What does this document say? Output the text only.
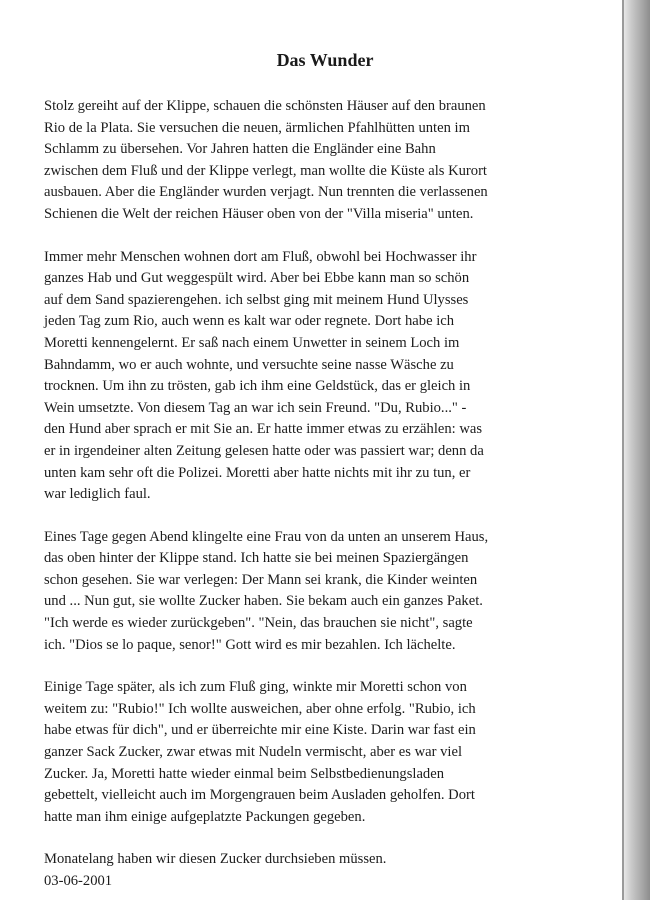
Das Wunder

Stolz gereiht auf der Klippe, schauen die schönsten Häuser auf den braunen
Rio de la Plata. Sie versuchen die neuen, ärmlichen Pfahlhütten unten im
Schlamm zu übersehen. Vor Jahren hatten die Engländer eine Bahn
zwischen dem Fluß und der Klippe verlegt, man wollte die Küste als Kurort
ausbauen. Aber die Engländer wurden verjagt. Nun trennten die verlassenen
Schienen die Welt der reichen Häuser oben von der "Villa miseria" unten.

Immer mehr Menschen wohnen dort am Fluß, obwohl bei Hochwasser ihr
ganzes Hab und Gut weggespült wird. Aber bei Ebbe kann man so schön
auf dem Sand spazierengehen. ich selbst ging mit meinem Hund Ulysses
jeden Tag zum Rio, auch wenn es kalt war oder regnete. Dort habe ich
Moretti kennengelernt. Er saß nach einem Unwetter in seinem Loch im
Bahndamm, wo er auch wohnte, und versuchte seine nasse Wäsche zu
trocknen. Um ihn zu trösten, gab ich ihm eine Geldstück, das er gleich in
Wein umsetzte. Von diesem Tag an war ich sein Freund. "Du, Rubio..." -
den Hund aber sprach er mit Sie an. Er hatte immer etwas zu erzählen: was
er in irgendeiner alten Zeitung gelesen hatte oder was passiert war; denn da
unten kam sehr oft die Polizei. Moretti aber hatte nichts mit ihr zu tun, er
war lediglich faul.

Eines Tage gegen Abend klingelte eine Frau von da unten an unserem Haus,
das oben hinter der Klippe stand. Ich hatte sie bei meinen Spaziergängen
schon gesehen. Sie war verlegen: Der Mann sei krank, die Kinder weinten
und ... Nun gut, sie wollte Zucker haben. Sie bekam auch ein ganzes Paket.
"Ich werde es wieder zurückgeben". "Nein, das brauchen sie nicht", sagte
ich. "Dios se lo paque, senor!" Gott wird es mir bezahlen. Ich lächelte.

Einige Tage später, als ich zum Fluß ging, winkte mir Moretti schon von
weitem zu: "Rubio!" Ich wollte ausweichen, aber ohne erfolg. "Rubio, ich
habe etwas für dich", und er überreichte mir eine Kiste. Darin war fast ein
ganzer Sack Zucker, zwar etwas mit Nudeln vermischt, aber es war viel
Zucker. Ja, Moretti hatte wieder einmal beim Selbstbedienungsladen
gebettelt, vielleicht auch im Morgengrauen beim Ausladen geholfen. Dort
hatte man ihm einige aufgeplatzte Packungen gegeben.

Monatelang haben wir diesen Zucker durchsieben müssen.
03-06-2001
